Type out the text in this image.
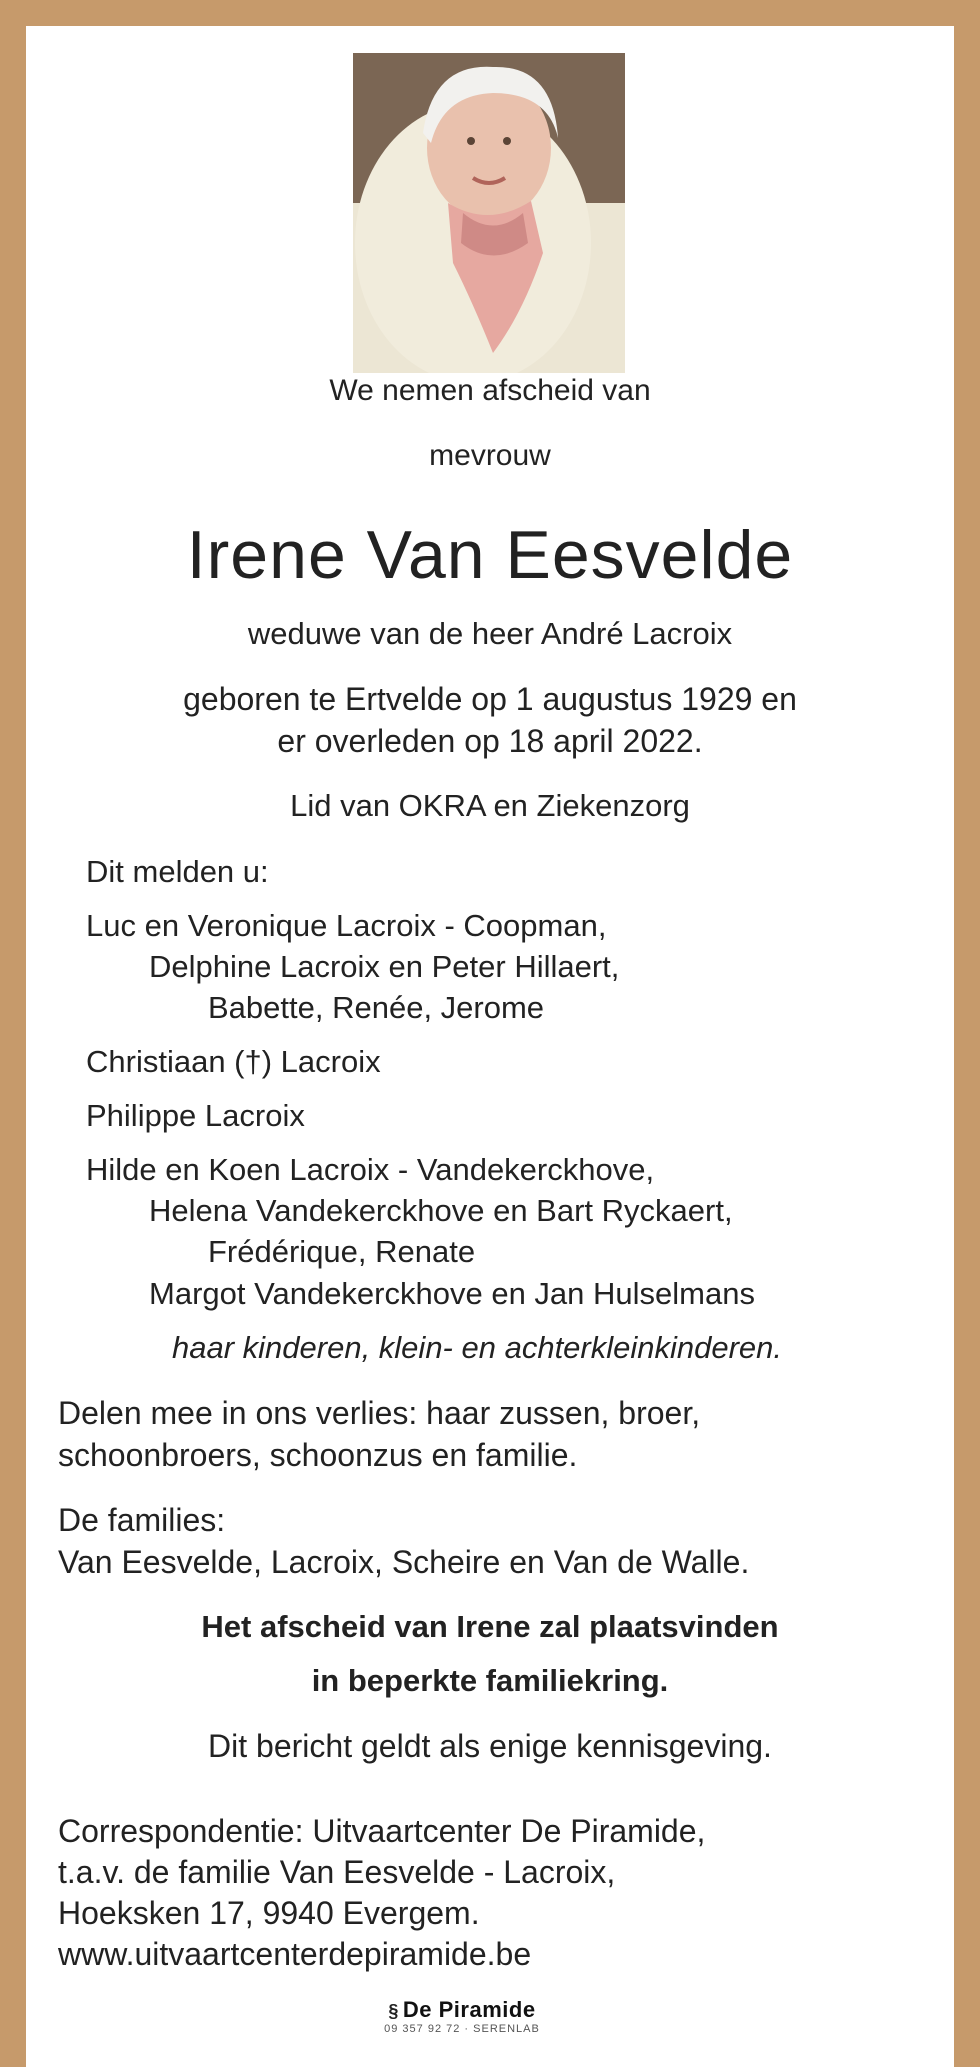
We nemen afscheid van
mevrouw
Irene Van Eesvelde
weduwe van de heer André Lacroix
geboren te Ertvelde op 1 augustus 1929 en
er overleden op 18 april 2022.
Lid van OKRA en Ziekenzorg
Dit melden u:
Luc en Veronique Lacroix - Coopman,
Delphine Lacroix en Peter Hillaert,
Babette, Renée, Jerome
Christiaan (†) Lacroix
Philippe Lacroix
Hilde en Koen Lacroix - Vandekerckhove,
Helena Vandekerckhove en Bart Ryckaert,
Frédérique, Renate
Margot Vandekerckhove en Jan Hulselmans
haar kinderen, klein- en achterkleinkinderen.
Delen mee in ons verlies: haar zussen, broer,
schoonbroers, schoonzus en familie.
De families:
Van Eesvelde, Lacroix, Scheire en Van de Walle.
Het afscheid van Irene zal plaatsvinden
in beperkte familiekring.
Dit bericht geldt als enige kennisgeving.
Correspondentie: Uitvaartcenter De Piramide,
t.a.v. de familie Van Eesvelde - Lacroix,
Hoeksken 17, 9940 Evergem.
www.uitvaartcenterdepiramide.be
§ De Piramide
09 357 92 72 · SERENLAB
